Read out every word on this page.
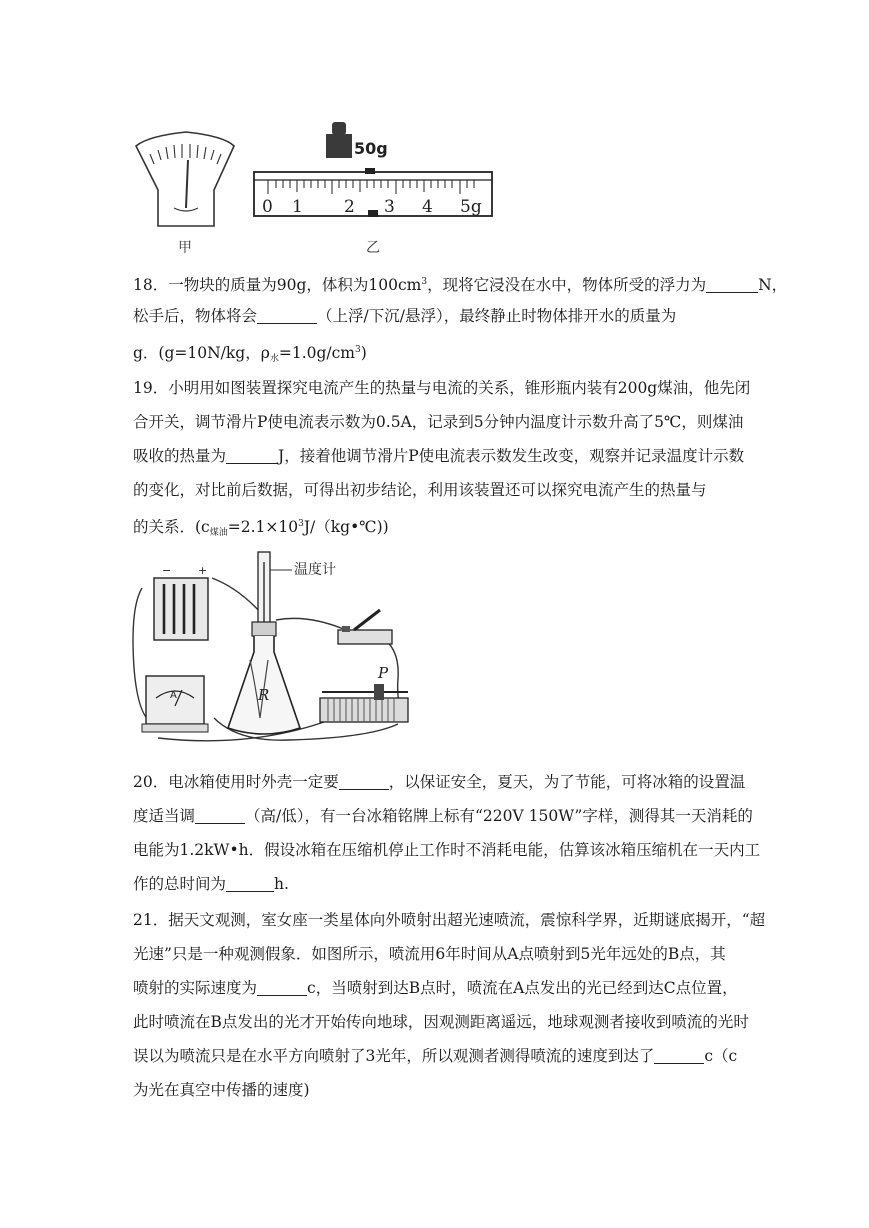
甲
50g
0 1 2 3 4 5g
乙
18．一物块的质量为90g，体积为$100cm^3$，现将它浸没在水中，物体所受的浮力为	N，
松手后，物体将会	（上浮/下沉/悬浮），最终静止时物体排开水的质量为
g．(g=10N/kg，$\rho_水=1.0g/cm^3$)
19．小明用如图装置探究电流产生的热量与电流的关系，锥形瓶内装有200g煤油，他先闭
合开关，调节滑片P使电流表示数为0.5A，记录到5分钟内温度计示数升高了5℃，则煤油
吸收的热量为	J，接着他调节滑片P使电流表示数发生改变，观察并记录温度计示数
的变化，对比前后数据，可得出初步结论，利用该装置还可以探究电流产生的热量与
的关系．$(c_{煤油}=2.1\times 10^3J/(kg•℃))$
− +	温度计
R
A
P
20．电冰箱使用时外壳一定要	，以保证安全，夏天，为了节能，可将冰箱的设置温
度适当调	（高/低），有一台冰箱铭牌上标有“220V 150W”字样，测得其一天消耗的
电能为1.2kW•h．假设冰箱在压缩机停止工作时不消耗电能，估算该冰箱压缩机在一天内工
作的总时间为	h.
21．据天文观测，室女座一类星体向外喷射出超光速喷流，震惊科学界，近期谜底揭开，“超
光速”只是一种观测假象．如图所示，喷流用6年时间从A点喷射到5光年远处的B点，其
喷射的实际速度为	c，当喷射到达B点时，喷流在A点发出的光已经到达C点位置，
此时喷流在B点发出的光才开始传向地球，因观测距离遥远，地球观测者接收到喷流的光时
误以为喷流只是在水平方向喷射了3光年，所以观测者测得喷流的速度到达了	c（c
为光在真空中传播的速度)
